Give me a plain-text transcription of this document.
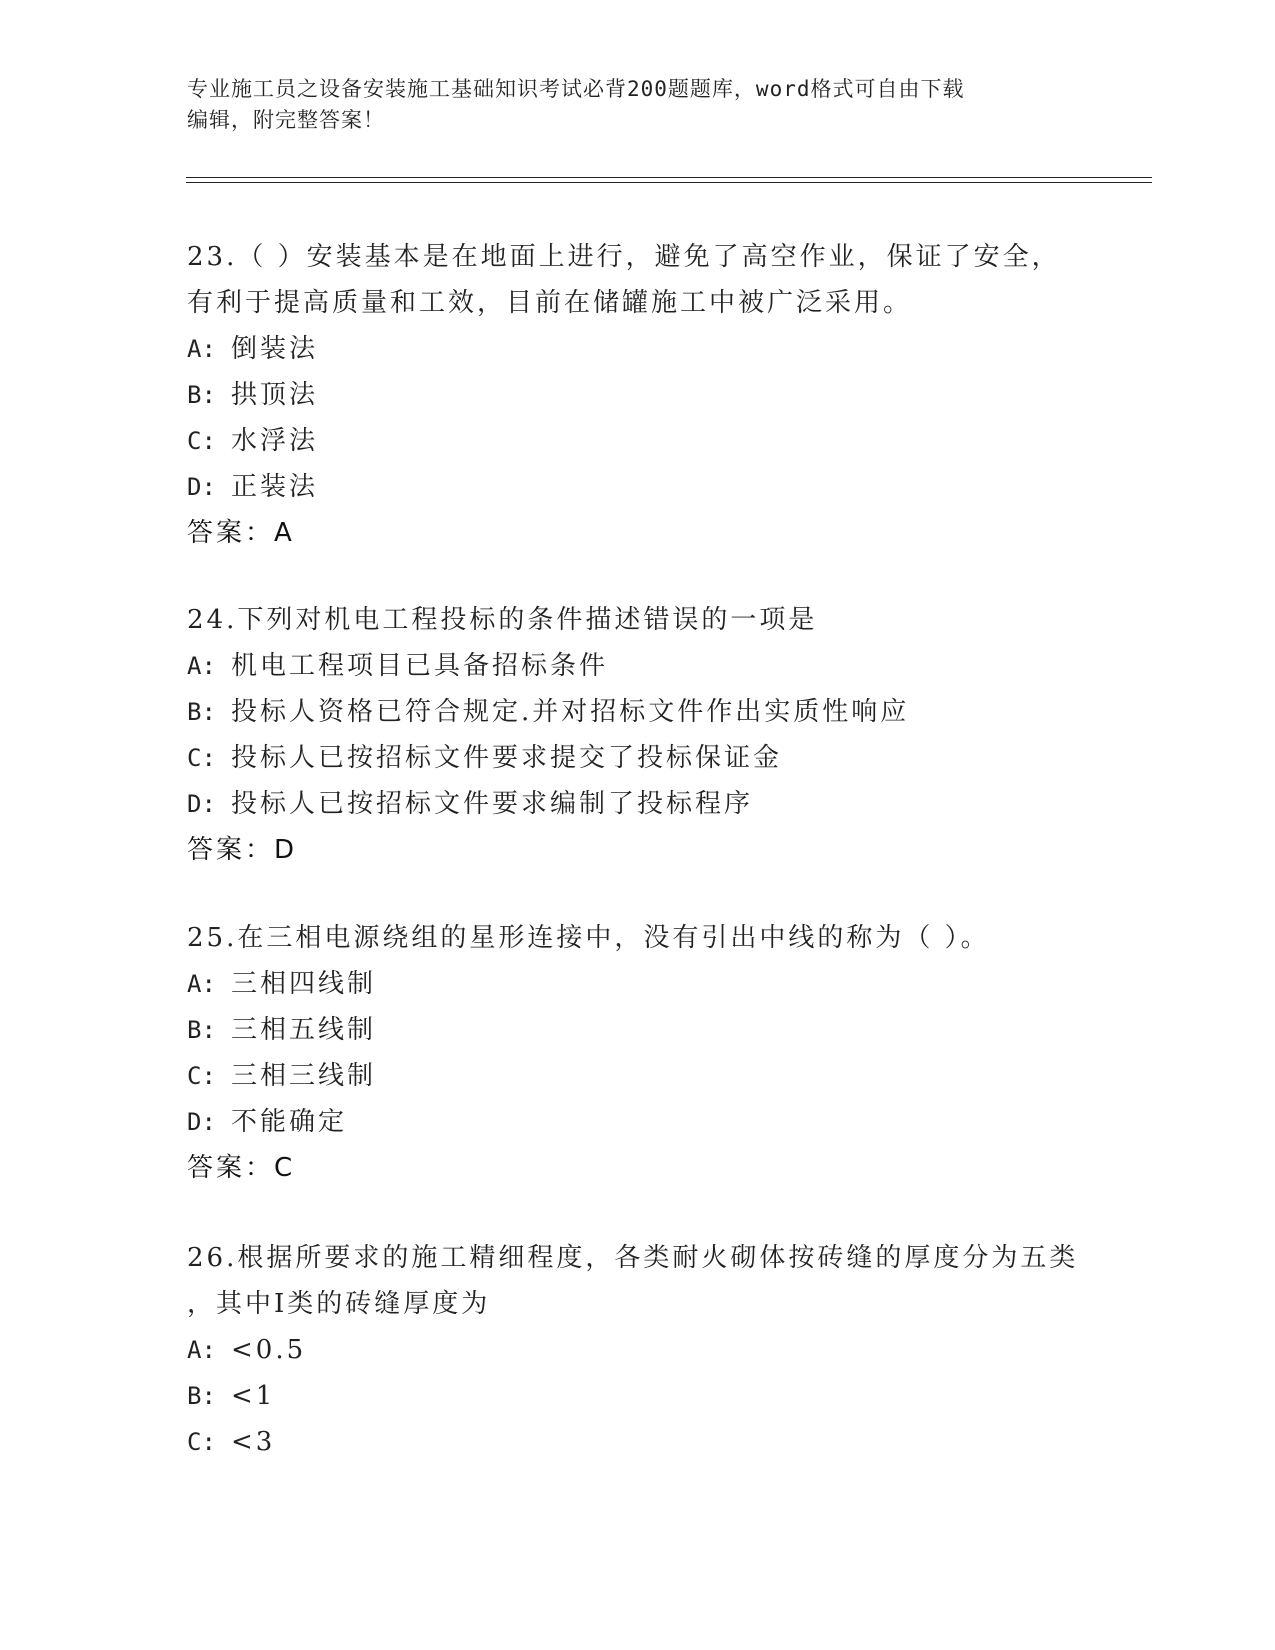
专业施工员之设备安装施工基础知识考试必背200题题库，word格式可自由下载
编辑，附完整答案！
23.（ ）安装基本是在地面上进行，避免了高空作业，保证了安全，
有利于提高质量和工效，目前在储罐施工中被广泛采用。
A: 倒装法
B: 拱顶法
C: 水浮法
D: 正装法
答案：A
24.下列对机电工程投标的条件描述错误的一项是
A: 机电工程项目已具备招标条件
B: 投标人资格已符合规定.并对招标文件作出实质性响应
C: 投标人已按招标文件要求提交了投标保证金
D: 投标人已按招标文件要求编制了投标程序
答案：D
25.在三相电源绕组的星形连接中，没有引出中线的称为（ ）。
A: 三相四线制
B: 三相五线制
C: 三相三线制
D: 不能确定
答案：C
26.根据所要求的施工精细程度，各类耐火砌体按砖缝的厚度分为五类
，其中Ⅰ类的砖缝厚度为
A: <0.5
B: <1
C: <3
